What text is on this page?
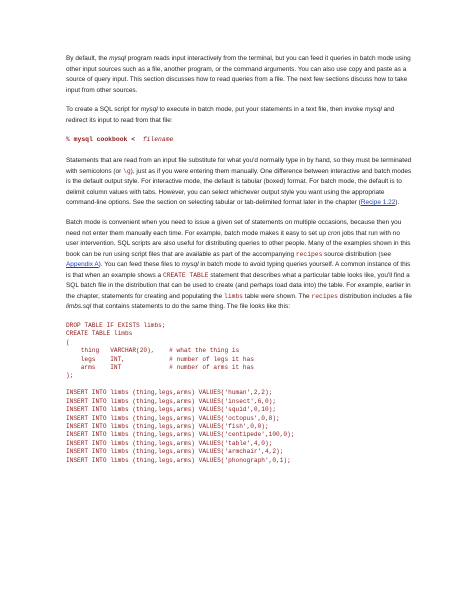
By default, the mysql program reads input interactively from the terminal, but you can feed it queries in batch mode using other input sources such as a file, another program, or the command arguments. You can also use copy and paste as a source of query input. This section discusses how to read queries from a file. The next few sections discuss how to take input from other sources.

To create a SQL script for mysql to execute in batch mode, put your statements in a text file, then invoke mysql and redirect its input to read from that file:

% mysql cookbook <  filename

Statements that are read from an input file substitute for what you'd normally type in by hand, so they must be terminated with semicolons (or \g), just as if you were entering them manually. One difference between interactive and batch modes is the default output style. For interactive mode, the default is tabular (boxed) format. For batch mode, the default is to delimit column values with tabs. However, you can select whichever output style you want using the appropriate command-line options. See the section on selecting tabular or tab-delimited format later in the chapter (Recipe 1.22).

Batch mode is convenient when you need to issue a given set of statements on multiple occasions, because then you need not enter them manually each time. For example, batch mode makes it easy to set up cron jobs that run with no user intervention. SQL scripts are also useful for distributing queries to other people. Many of the examples shown in this book can be run using script files that are available as part of the accompanying recipes source distribution (see Appendix A). You can feed these files to mysql in batch mode to avoid typing queries yourself. A common instance of this is that when an example shows a CREATE TABLE statement that describes what a particular table looks like, you'll find a SQL batch file in the distribution that can be used to create (and perhaps load data into) the table. For example, earlier in the chapter, statements for creating and populating the limbs table were shown. The recipes distribution includes a file limbs.sql that contains statements to do the same thing. The file looks like this:

DROP TABLE IF EXISTS limbs;
CREATE TABLE limbs
(
thing   VARCHAR(20),    # what the thing is
legs    INT,            # number of legs it has
arms    INT             # number of arms it has
);
INSERT INTO limbs (thing,legs,arms) VALUES('human',2,2);
INSERT INTO limbs (thing,legs,arms) VALUES('insect',6,0);
INSERT INTO limbs (thing,legs,arms) VALUES('squid',0,10);
INSERT INTO limbs (thing,legs,arms) VALUES('octopus',0,8);
INSERT INTO limbs (thing,legs,arms) VALUES('fish',0,0);
INSERT INTO limbs (thing,legs,arms) VALUES('centipede',100,0);
INSERT INTO limbs (thing,legs,arms) VALUES('table',4,0);
INSERT INTO limbs (thing,legs,arms) VALUES('armchair',4,2);
INSERT INTO limbs (thing,legs,arms) VALUES('phonograph',0,1);
